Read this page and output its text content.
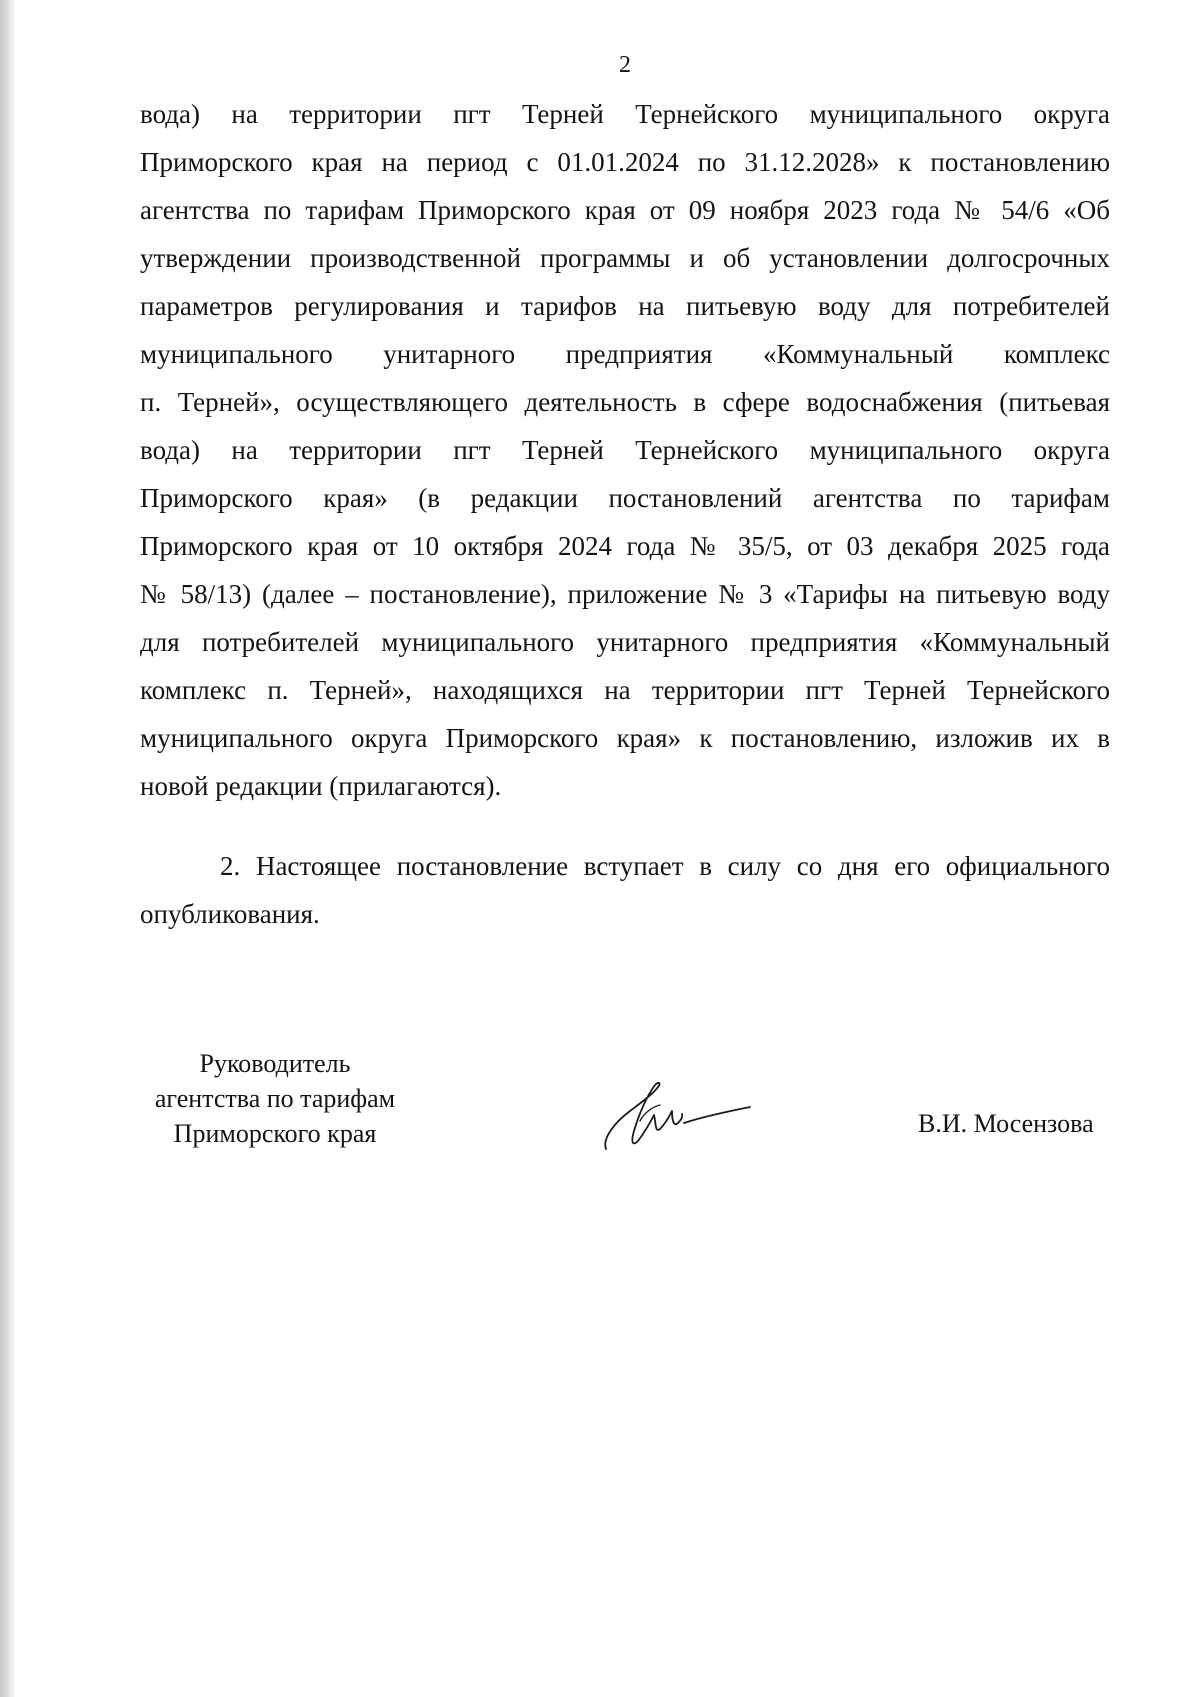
2
вода) на территории пгт Терней Тернейского муниципального округа
Приморского края на период с 01.01.2024 по 31.12.2028» к постановлению
агентства по тарифам Приморского края от 09 ноября 2023 года № 54/6 «Об
утверждении производственной программы и об установлении долгосрочных
параметров регулирования и тарифов на питьевую воду для потребителей
муниципального унитарного предприятия «Коммунальный комплекс
п. Терней», осуществляющего деятельность в сфере водоснабжения (питьевая
вода) на территории пгт Терней Тернейского муниципального округа
Приморского края» (в редакции постановлений агентства по тарифам
Приморского края от 10 октября 2024 года № 35/5, от 03 декабря 2025 года
№ 58/13) (далее – постановление), приложение № 3 «Тарифы на питьевую воду
для потребителей муниципального унитарного предприятия «Коммунальный
комплекс п. Терней», находящихся на территории пгт Терней Тернейского
муниципального округа Приморского края» к постановлению, изложив их в
новой редакции (прилагаются).
2. Настоящее постановление вступает в силу со дня его официального
опубликования.
Руководитель
агентства по тарифам
Приморского края	В.И. Мосензова
